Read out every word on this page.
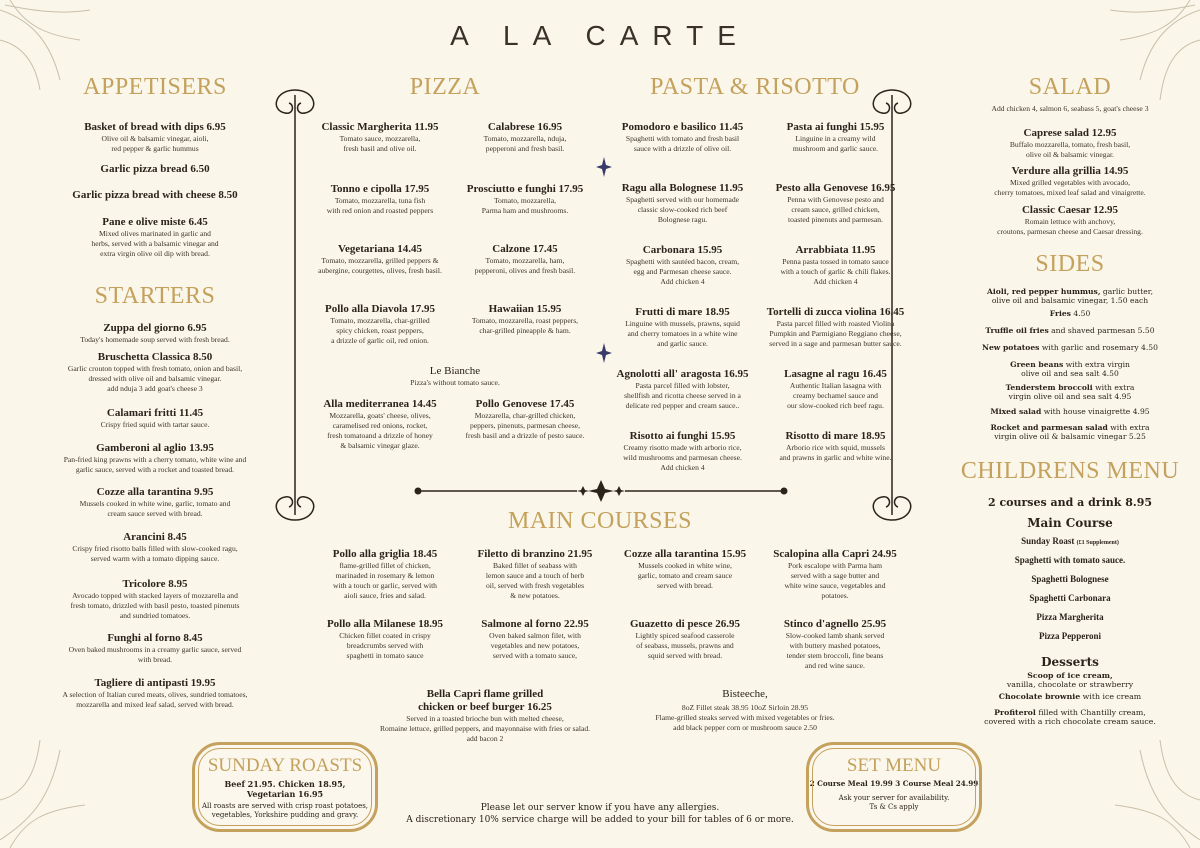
A LA CARTE
APPETISERS
STARTERS
PIZZA	PASTA & RISOTTO	SALAD
SIDES
CHILDRENS MENU
MAIN COURSES
Basket of bread with dips 6.95
Olive oil & balsamic vinegar, aioli,
red pepper & garlic hummus
Garlic pizza bread 6.50
Garlic pizza bread with cheese 8.50
Pane e olive miste 6.45
Mixed olives marinated in garlic and
herbs, served with a balsamic vinegar and
extra virgin olive oil dip with bread.
Zuppa del giorno 6.95
Today's homemade soup served with fresh bread.
Bruschetta Classica 8.50
Garlic crouton topped with fresh tomato, onion and basil,
dressed with olive oil and balsamic vinegar.
add nduja 3 add goat's cheese 3
Calamari fritti 11.45
Crispy fried squid with tartar sauce.
Gamberoni al aglio 13.95
Pan-fried king prawns with a cherry tomato, white wine and
garlic sauce, served with a rocket and toasted bread.
Cozze alla tarantina 9.95
Mussels cooked in white wine, garlic, tomato and
cream sauce served with bread.
Arancini 8.45
Crispy fried risotto balls filled with slow-cooked ragu,
served warm with a tomato dipping sauce.
Tricolore 8.95
Avocado topped with stacked layers of mozzarella and
fresh tomato, drizzled with basil pesto, toasted pinenuts
and sundried tomatoes.
Funghi al forno 8.45
Oven baked mushrooms in a creamy garlic sauce, served
with bread.
Tagliere di antipasti 19.95
A selection of Italian cured meats, olives, sundried tomatoes,
mozzarella and mixed leaf salad, served with bread.
Classic Margherita 11.95
Tomato sauce, mozzarella,
fresh basil and olive oil.
Tonno e cipolla 17.95
Tomato, mozzarella, tuna fish
with red onion and roasted peppers
Vegetariana 14.45
Tomato, mozzarella, grilled peppers &
aubergine, courgettes, olives, fresh basil.
Pollo alla Diavola 17.95
Tomato, mozzarella, char-grilled
spicy chicken, roast peppers,
a drizzle of garlic oil, red onion.
Calabrese 16.95
Tomato, mozzarella, nduja,
pepperoni and fresh basil.
Prosciutto e funghi 17.95
Tomato, mozzarella,
Parma ham and mushrooms.
Calzone 17.45
Tomato, mozzarella, ham,
pepperoni, olives and fresh basil.
Hawaiian 15.95
Tomato, mozzarella, roast peppers,
char-grilled pineapple & ham.
Le Bianche
Pizza's without tomato sauce.
Alla mediterranea 14.45
Mozzarella, goats' cheese, olives,
caramelised red onions, rocket,
fresh tomatoand a drizzle of honey
& balsamic vinegar glaze.
Pollo Genovese 17.45
Mozzarella, char-grilled chicken,
peppers, pinenuts, parmesan cheese,
fresh basil and a drizzle of pesto sauce.
Pomodoro e basilico 11.45
Spaghetti with tomato and fresh basil
sauce with a drizzle of olive oil.
Ragu alla Bolognese 11.95
Spaghetti served with our homemade
classic slow-cooked rich beef
Bolognese ragu.
Carbonara 15.95
Spaghetti with sautéed bacon, cream,
egg and Parmesan cheese sauce.
Add chicken 4
Frutti di mare 18.95
Linguine with mussels, prawns, squid
and cherry tomatoes in a white wine
and garlic sauce.
Agnolotti all' aragosta 16.95
Pasta parcel filled with lobster,
shellfish and ricotta cheese served in a
delicate red pepper and cream sauce..
Risotto ai funghi 15.95
Creamy risotto made with arborio rice,
wild mushrooms and parmesan cheese.
Add chicken 4
Pasta ai funghi 15.95
Linguine in a creamy wild
mushroom and garlic sauce.
Pesto alla Genovese 16.95
Penna with Genovese pesto and
cream sauce, grilled chicken,
toasted pinenuts and parmesan.
Arrabbiata 11.95
Penna pasta tossed in tomato sauce
with a touch of garlic & chili flakes.
Add chicken 4
Tortelli di zucca violina 16.45
Pasta parcel filled with roasted Violina
Pumpkin and Parmigiano Reggiano cheese,
served in a sage and parmesan butter sauce.
Lasagne al ragu 16.45
Authentic Italian lasagna with
creamy bechamel sauce and
our slow-cooked rich beef ragu.
Risotto di mare 18.95
Arborio rice with squid, mussels
and prawns in garlic and white wine.
Pollo alla griglia 18.45
flame-grilled fillet of chicken,
marinaded in rosemary & lemon
with a touch or garlic, served with
aioli sauce, fries and salad.
Filetto di branzino 21.95
Baked fillet of seabass with
lemon sauce and a touch of herb
oil, served with fresh vegetables
& new potatoes.
Cozze alla tarantina 15.95
Mussels cooked in white wine,
garlic, tomato and cream sauce
served with bread.
Scalopina alla Capri 24.95
Pork escalope with Parma ham
served with a sage butter and
white wine sauce, vegetables and
potatoes.
Pollo alla Milanese 18.95
Chicken fillet coated in crispy
breadcrumbs served with
spaghetti in tomato sauce
Salmone al forno 22.95
Oven baked salmon filet, with
vegetables and new potatoes,
served with a tomato sauce,
Guazetto di pesce 26.95
Lightly spiced seafood casserole
of seabass, mussels, prawns and
squid served with bread.
Stinco d'agnello 25.95
Slow-cooked lamb shank served
with buttery mashed potatoes,
tender stem broccoli, fine beans
and red wine sauce.
Bella Capri flame grilled
chicken or beef burger 16.25
Served in a toasted brioche bun with melted cheese,
Romaine lettuce, grilled peppers, and mayonnaise with fries or salad.
add bacon 2
Bisteeche,
8oZ Fillet steak 38.95 10oZ Sirloin 28.95
Flame-grilled steaks served with mixed vegetables or fries.
add black pepper corn or mushroom sauce 2.50
Add chicken 4, salmon 6, seabass 5, goat's cheese 3
Caprese salad 12.95
Buffalo mozzarella, tomato, fresh basil,
olive oil & balsamic vinegar.
Verdure alla grillia 14.95
Mixed grilled vegetables with avocado,
cherry tomatoes, mixed leaf salad and vinaigrette.
Classic Caesar 12.95
Romain lettuce with anchovy,
croutons, parmesan cheese and Caesar dressing.
Aioli, red pepper hummus, garlic butter,
olive oil and balsamic vinegar, 1.50 each
Fries 4.50
Truffle oil fries and shaved parmesan 5.50
New potatoes with garlic and rosemary 4.50
Green beans with extra virgin
olive oil and sea salt 4.50
Tenderstem broccoli with extra
virgin olive oil and sea salt 4.95
Mixed salad with house vinaigrette 4.95
Rocket and parmesan salad with extra
virgin olive oil & balsamic vinegar 5.25
2 courses and a drink 8.95
Main Course
Sunday Roast (£1 Supplement)
Spaghetti with tomato sauce.
Spaghetti Bolognese
Spaghetti Carbonara
Pizza Margherita
Pizza Pepperoni
Desserts
Scoop of ice cream,
vanilla, chocolate or strawberry
Chocolate brownie with ice cream
Profiterol filled with Chantilly cream,
covered with a rich chocolate cream sauce.
SUNDAY ROASTS
Beef 21.95. Chicken 18.95,
Vegetarian 16.95
All roasts are served with crisp roast potatoes,
vegetables, Yorkshire pudding and gravy.
SET MENU
2 Course Meal 19.99 3 Course Meal 24.99
Ask your server for availability.
Ts & Cs apply
Please let our server know if you have any allergies.
A discretionary 10% service charge will be added to your bill for tables of 6 or more.
